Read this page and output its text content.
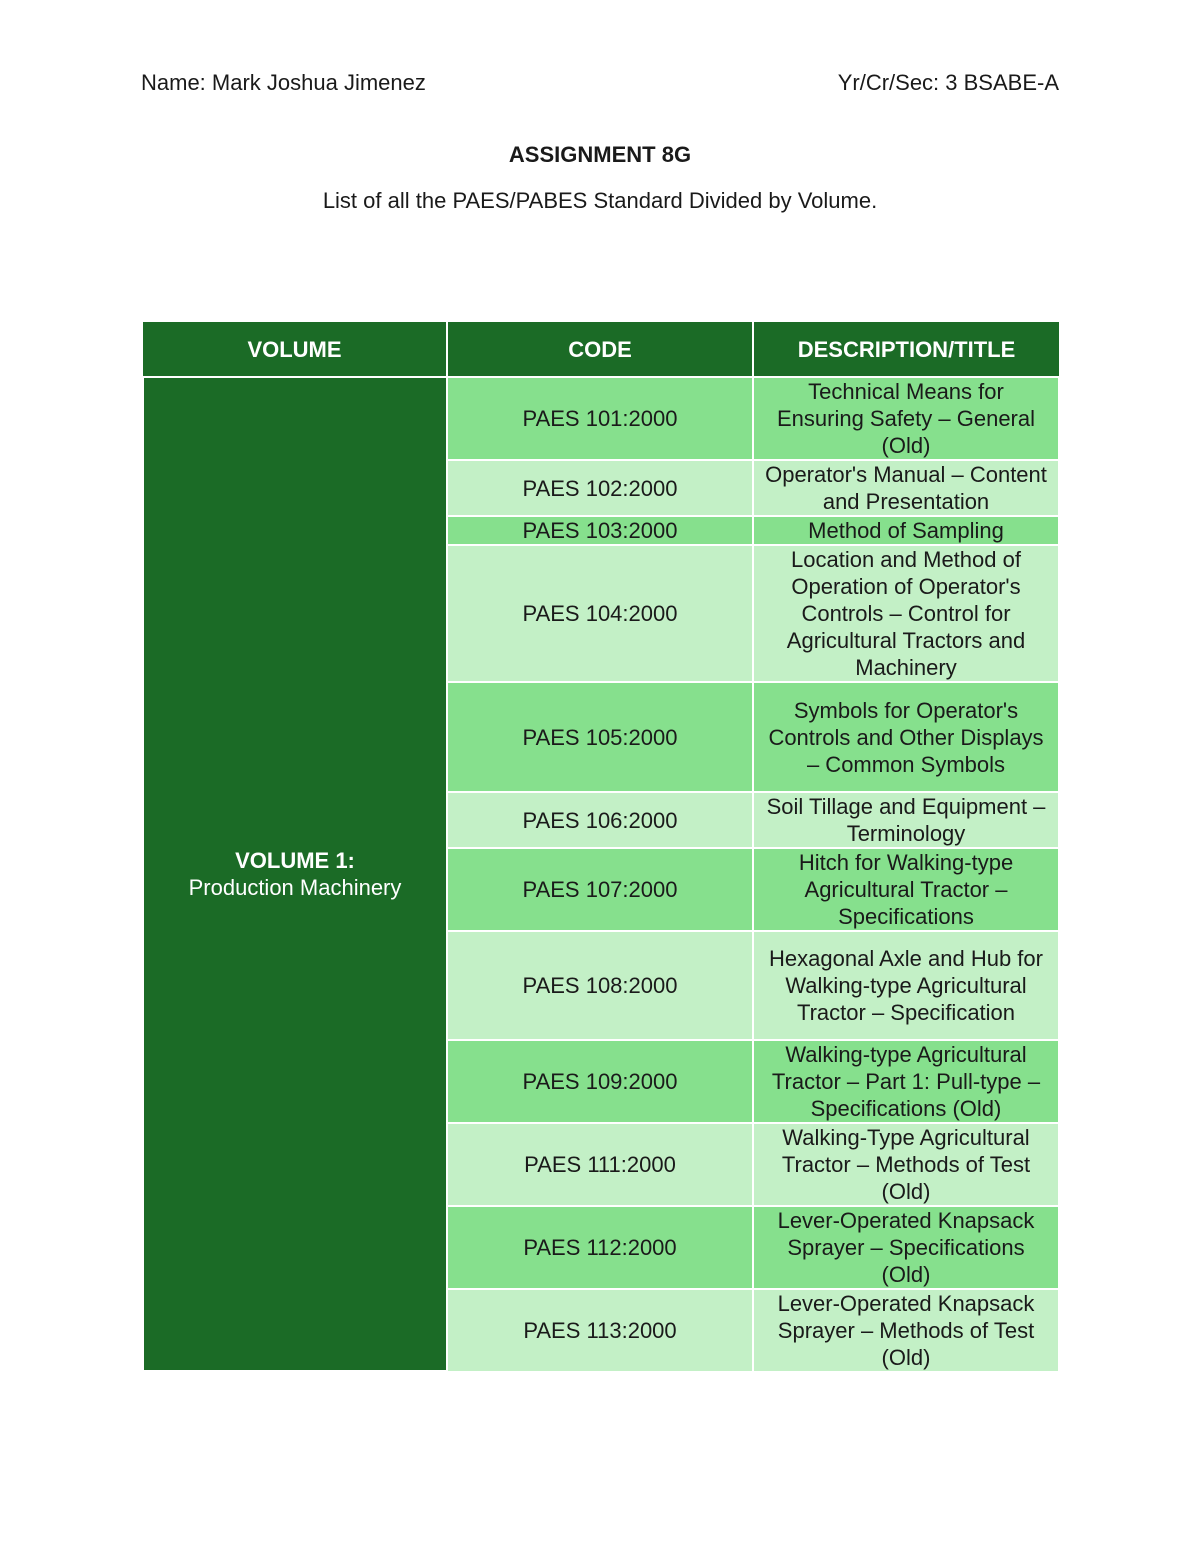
Name: Mark Joshua Jimenez	Yr/Cr/Sec: 3 BSABE-A
ASSIGNMENT 8G
List of all the PAES/PABES Standard Divided by Volume.
VOLUME	CODE	DESCRIPTION/TITLE

VOLUME 1:
Production Machinery	PAES 101:2000	Technical Means for Ensuring Safety – General (Old)
	PAES 102:2000	Operator's Manual – Content and Presentation
	PAES 103:2000	Method of Sampling
	PAES 104:2000	Location and Method of Operation of Operator's Controls – Control for Agricultural Tractors and Machinery
	PAES 105:2000	Symbols for Operator's Controls and Other Displays – Common Symbols
	PAES 106:2000	Soil Tillage and Equipment – Terminology
	PAES 107:2000	Hitch for Walking-type Agricultural Tractor – Specifications
	PAES 108:2000	Hexagonal Axle and Hub for Walking-type Agricultural Tractor – Specification
	PAES 109:2000	Walking-type Agricultural Tractor – Part 1: Pull-type – Specifications (Old)
	PAES 111:2000	Walking-Type Agricultural Tractor – Methods of Test (Old)
	PAES 112:2000	Lever-Operated Knapsack Sprayer – Specifications (Old)
	PAES 113:2000	Lever-Operated Knapsack Sprayer – Methods of Test (Old)
